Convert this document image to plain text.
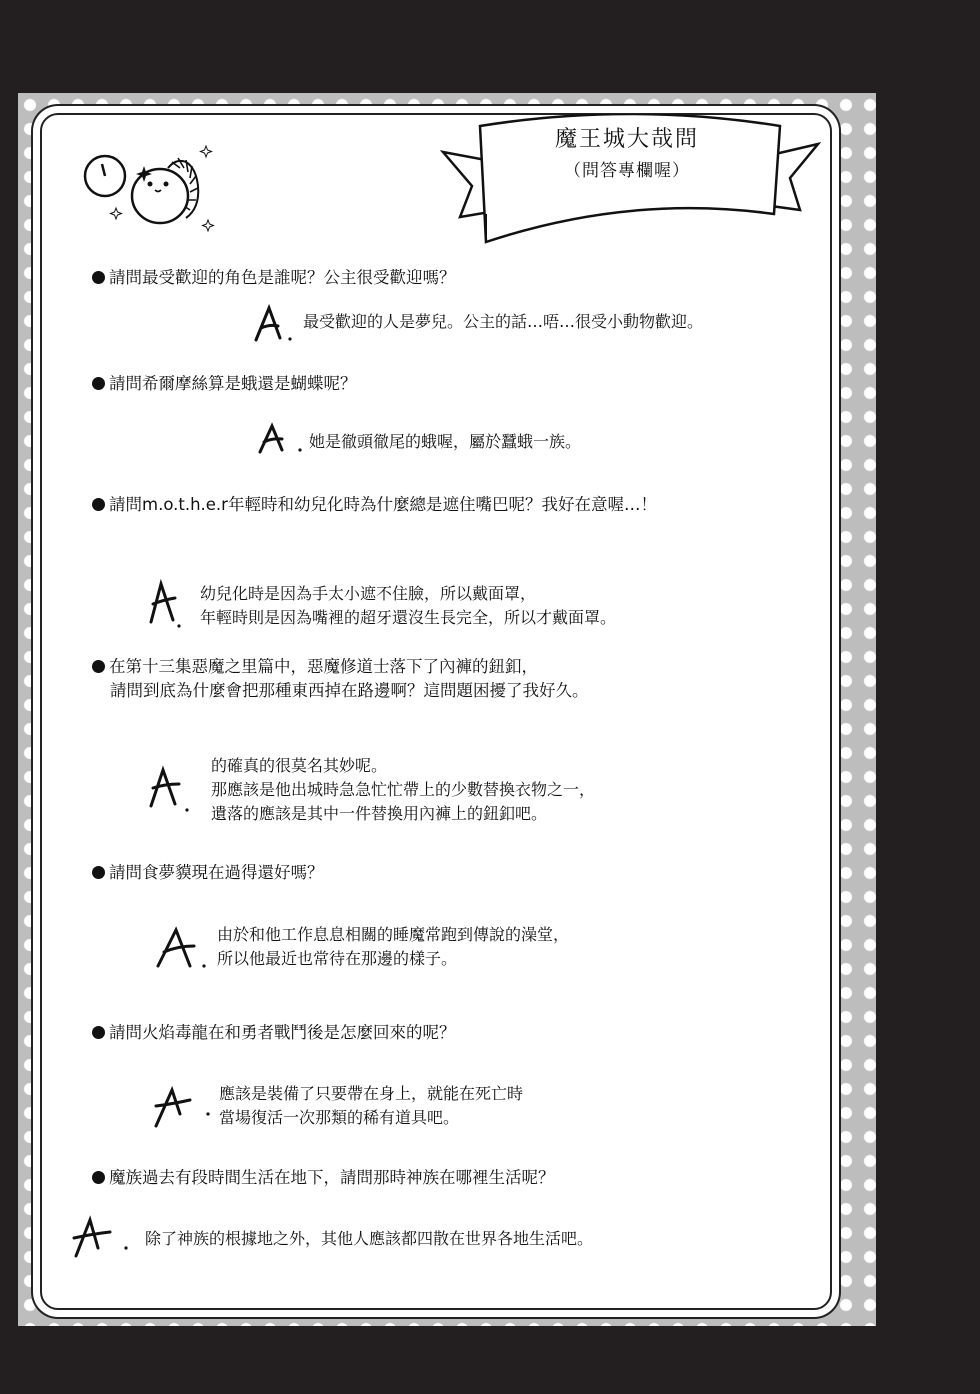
魔王城大哉問
（問答專欄喔）
請問最受歡迎的角色是誰呢？公主很受歡迎嗎？
最受歡迎的人是夢兒。公主的話…唔…很受小動物歡迎。
請問希爾摩絲算是蛾還是蝴蝶呢？
她是徹頭徹尾的蛾喔，屬於蠶蛾一族。
請問m.o.t.h.e.r年輕時和幼兒化時為什麼總是遮住嘴巴呢？我好在意喔…！
幼兒化時是因為手太小遮不住臉，所以戴面罩，
年輕時則是因為嘴裡的超牙還沒生長完全，所以才戴面罩。
在第十三集惡魔之里篇中，惡魔修道士落下了內褲的鈕釦，
請問到底為什麼會把那種東西掉在路邊啊？這問題困擾了我好久。
的確真的很莫名其妙呢。
那應該是他出城時急急忙忙帶上的少數替換衣物之一，
遺落的應該是其中一件替換用內褲上的鈕釦吧。
請問食夢貘現在過得還好嗎？
由於和他工作息息相關的睡魔常跑到傳說的澡堂，
所以他最近也常待在那邊的樣子。
請問火焰毒龍在和勇者戰鬥後是怎麼回來的呢？
應該是裝備了只要帶在身上，就能在死亡時
當場復活一次那類的稀有道具吧。
魔族過去有段時間生活在地下，請問那時神族在哪裡生活呢？
除了神族的根據地之外，其他人應該都四散在世界各地生活吧。
